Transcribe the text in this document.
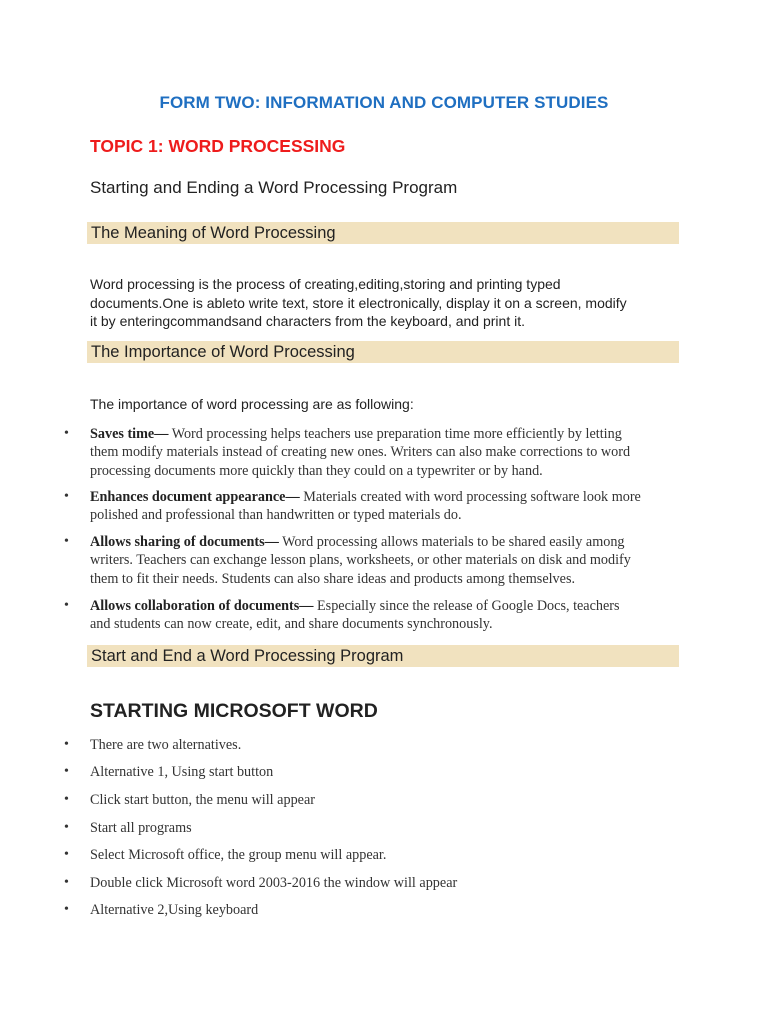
FORM TWO: INFORMATION AND COMPUTER STUDIES
TOPIC 1: WORD PROCESSING
Starting and Ending a Word Processing Program
The Meaning of Word Processing
Word processing is the process of creating,editing,storing and printing typed
documents.One is ableto write text, store it electronically, display it on a screen, modify
it by enteringcommandsand characters from the keyboard, and print it.
The Importance of Word Processing
The importance of word processing are as following:
• Saves time— Word processing helps teachers use preparation time more efficiently by letting
them modify materials instead of creating new ones. Writers can also make corrections to word
processing documents more quickly than they could on a typewriter or by hand.
• Enhances document appearance— Materials created with word processing software look more
polished and professional than handwritten or typed materials do.
• Allows sharing of documents— Word processing allows materials to be shared easily among
writers. Teachers can exchange lesson plans, worksheets, or other materials on disk and modify
them to fit their needs. Students can also share ideas and products among themselves.
• Allows collaboration of documents— Especially since the release of Google Docs, teachers
and students can now create, edit, and share documents synchronously.
Start and End a Word Processing Program
STARTING MICROSOFT WORD
• There are two alternatives.
• Alternative 1, Using start button
• Click start button, the menu will appear
• Start all programs
• Select Microsoft office, the group menu will appear.
• Double click Microsoft word 2003-2016 the window will appear
• Alternative 2,Using keyboard
